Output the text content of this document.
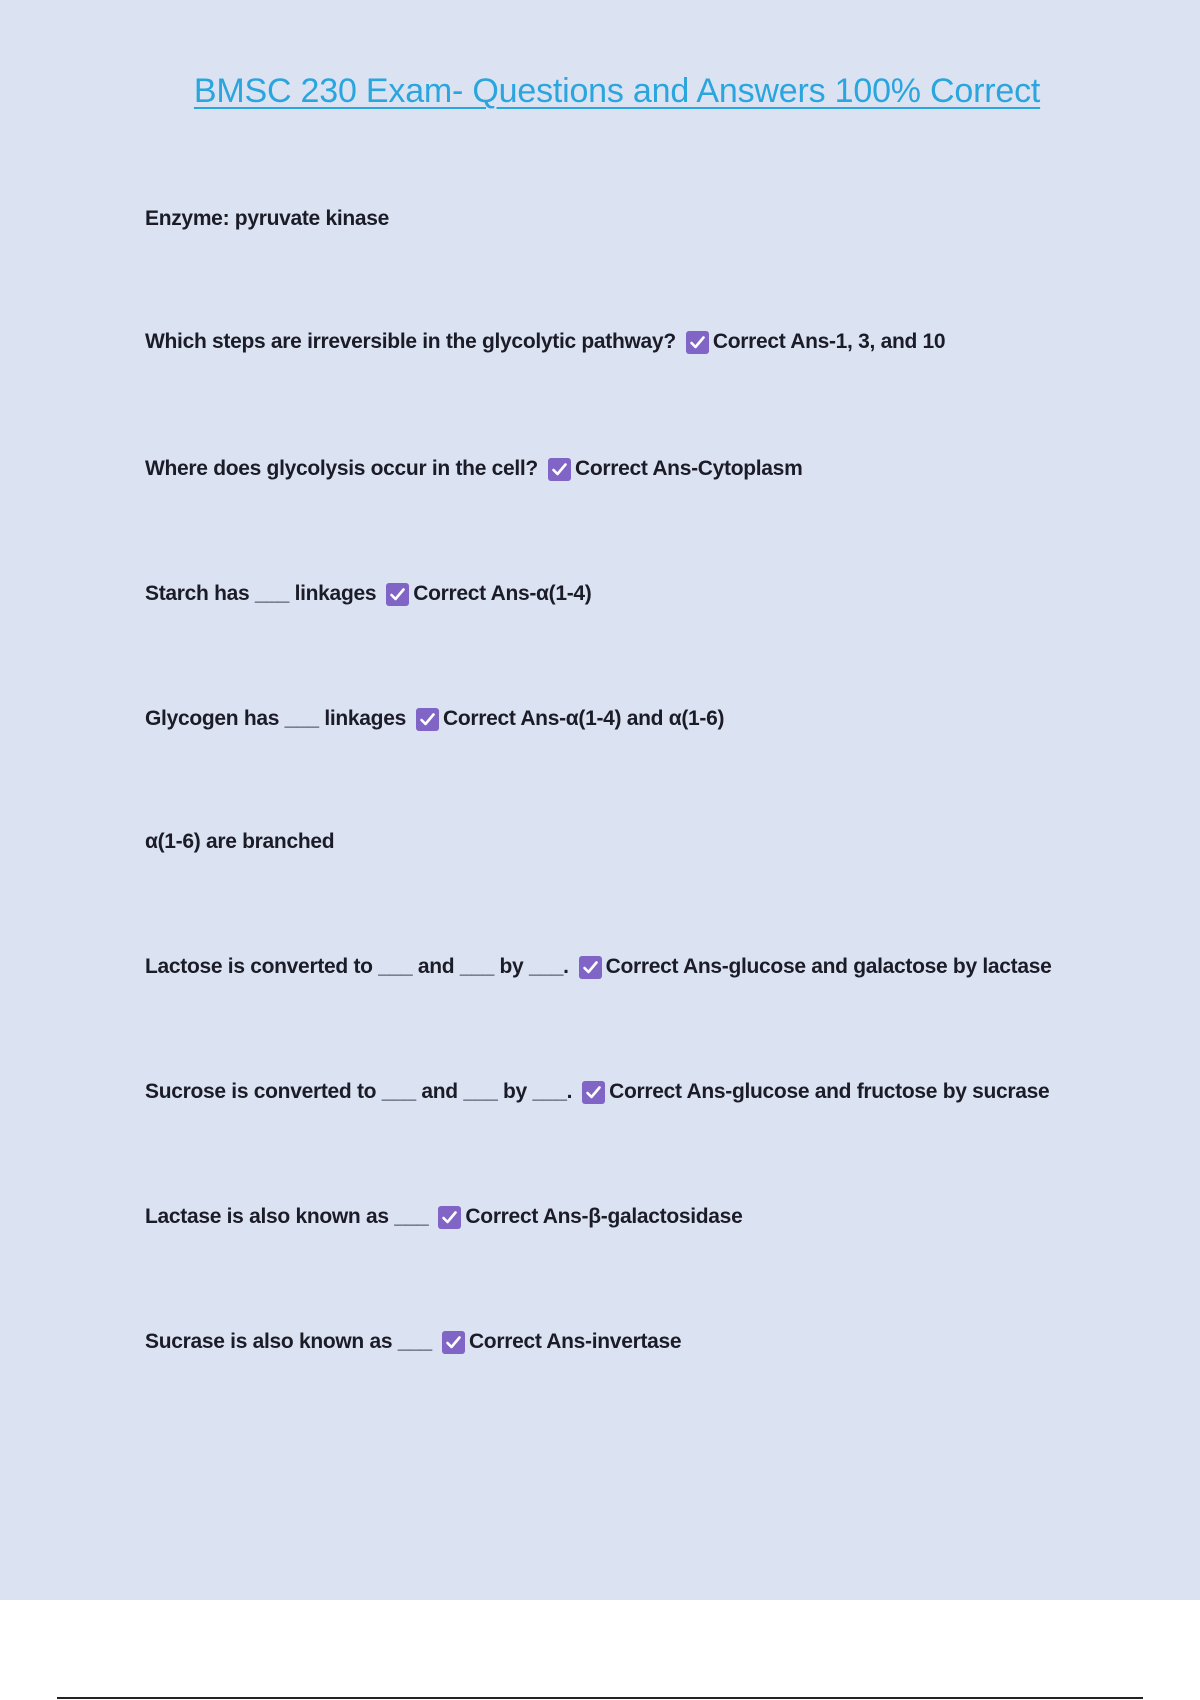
BMSC 230 Exam- Questions and Answers 100% Correct
Enzyme: pyruvate kinase
Which steps are irreversible in the glycolytic pathway? Correct Ans-1, 3, and 10
Where does glycolysis occur in the cell? Correct Ans-Cytoplasm
Starch has ___ linkages Correct Ans-α(1-4)
Glycogen has ___ linkages Correct Ans-α(1-4) and α(1-6)
α(1-6) are branched
Lactose is converted to ___ and ___ by ___. Correct Ans-glucose and galactose by lactase
Sucrose is converted to ___ and ___ by ___. Correct Ans-glucose and fructose by sucrase
Lactase is also known as ___ Correct Ans-β-galactosidase
Sucrase is also known as ___ Correct Ans-invertase
